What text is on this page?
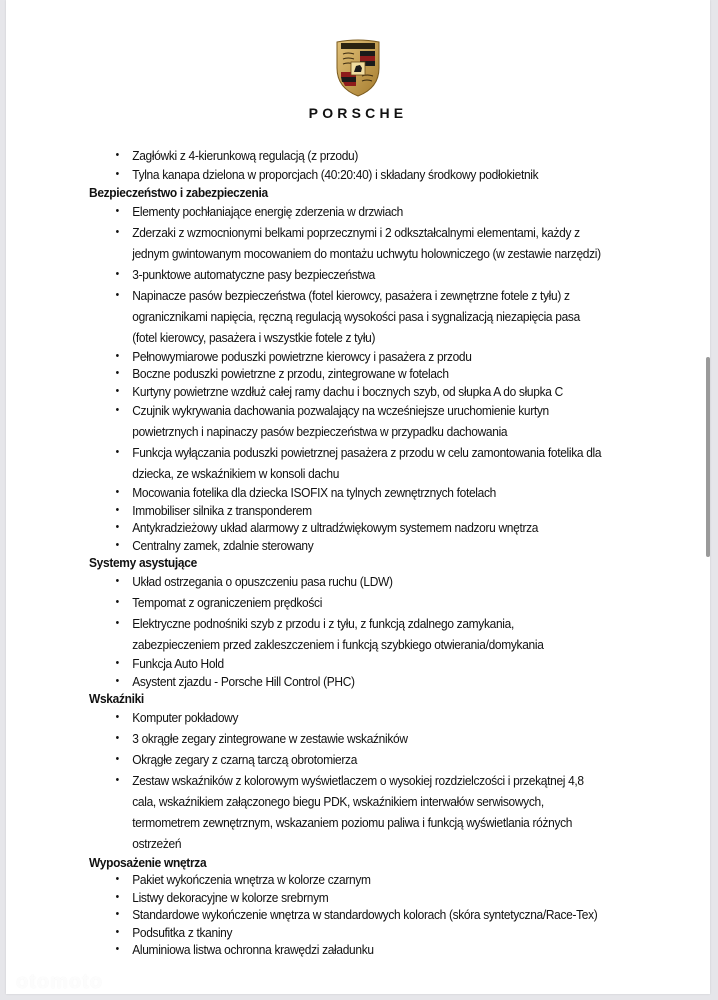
PORSCHE
• Zagłówki z 4-kierunkową regulacją (z przodu)
• Tylna kanapa dzielona w proporcjach (40:20:40) i składany środkowy podłokietnik
Bezpieczeństwo i zabezpieczenia
• Elementy pochłaniające energię zderzenia w drzwiach
• Zderzaki z wzmocnionymi belkami poprzecznymi i 2 odkształcalnymi elementami, każdy z jednym gwintowanym mocowaniem do montażu uchwytu holowniczego (w zestawie narzędzi)
• 3-punktowe automatyczne pasy bezpieczeństwa
• Napinacze pasów bezpieczeństwa (fotel kierowcy, pasażera i zewnętrzne fotele z tyłu) z ogranicznikami napięcia, ręczną regulacją wysokości pasa i sygnalizacją niezapięcia pasa (fotel kierowcy, pasażera i wszystkie fotele z tyłu)
• Pełnowymiarowe poduszki powietrzne kierowcy i pasażera z przodu
• Boczne poduszki powietrzne z przodu, zintegrowane w fotelach
• Kurtyny powietrzne wzdłuż całej ramy dachu i bocznych szyb, od słupka A do słupka C
• Czujnik wykrywania dachowania pozwalający na wcześniejsze uruchomienie kurtyn powietrznych i napinaczy pasów bezpieczeństwa w przypadku dachowania
• Funkcja wyłączania poduszki powietrznej pasażera z przodu w celu zamontowania fotelika dla dziecka, ze wskaźnikiem w konsoli dachu
• Mocowania fotelika dla dziecka ISOFIX na tylnych zewnętrznych fotelach
• Immobiliser silnika z transponderem
• Antykradzieżowy układ alarmowy z ultradźwiękowym systemem nadzoru wnętrza
• Centralny zamek, zdalnie sterowany
Systemy asystujące
• Układ ostrzegania o opuszczeniu pasa ruchu (LDW)
• Tempomat z ograniczeniem prędkości
• Elektryczne podnośniki szyb z przodu i z tyłu, z funkcją zdalnego zamykania, zabezpieczeniem przed zakleszczeniem i funkcją szybkiego otwierania/domykania
• Funkcja Auto Hold
• Asystent zjazdu - Porsche Hill Control (PHC)
Wskaźniki
• Komputer pokładowy
• 3 okrągłe zegary zintegrowane w zestawie wskaźników
• Okrągłe zegary z czarną tarczą obrotomierza
• Zestaw wskaźników z kolorowym wyświetlaczem o wysokiej rozdzielczości i przekątnej 4,8 cala, wskaźnikiem załączonego biegu PDK, wskaźnikiem interwałów serwisowych, termometrem zewnętrznym, wskazaniem poziomu paliwa i funkcją wyświetlania różnych ostrzeżeń
Wyposażenie wnętrza
• Pakiet wykończenia wnętrza w kolorze czarnym
• Listwy dekoracyjne w kolorze srebrnym
• Standardowe wykończenie wnętrza w standardowych kolorach (skóra syntetyczna/Race-Tex)
• Podsufitka z tkaniny
• Aluminiowa listwa ochronna krawędzi załadunku
otomoto
